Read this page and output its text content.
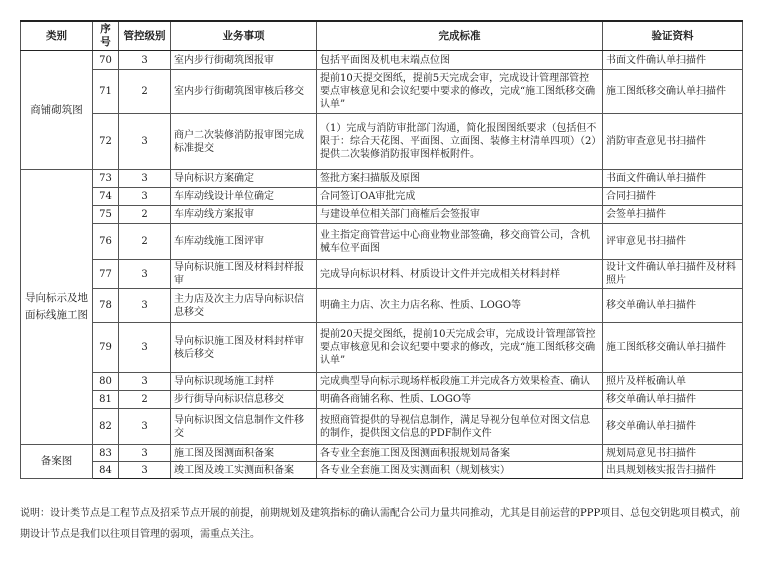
类别	序号	管控级别	业务事项	完成标准	验证资料
商铺砌筑图	70	3	室内步行街砌筑图报审	包括平面图及机电末端点位图	书面文件确认单扫描件
	71	2	室内步行街砌筑图审核后移交	提前10天提交图纸，提前5天完成会审，完成设计管理部管控要点审核意见和会议纪要中要求的修改，完成“施工图纸移交确认单”	施工图纸移交确认单扫描件
	72	3	商户二次装修消防报审图完成标准提交	（1）完成与消防审批部门沟通，简化报图图纸要求（包括但不限于：综合天花图、平面图、立面图、装修主材清单四项）（2）提供二次装修消防报审图样板附件。	消防审查意见书扫描件
导向标示及地面标线施工图	73	3	导向标识方案确定	签批方案扫描版及原图	书面文件确认单扫描件
	74	3	车库动线设计单位确定	合同签订OA审批完成	合同扫描件
	75	2	车库动线方案报审	与建设单位相关部门商榷后会签报审	会签单扫描件
	76	2	车库动线施工图评审	业主指定商管营运中心商业物业部签确，移交商管公司，含机械车位平面图	评审意见书扫描件
	77	3	导向标识施工图及材料封样报审	完成导向标识材料、材质设计文件并完成相关材料封样	设计文件确认单扫描件及材料照片
	78	3	主力店及次主力店导向标识信息移交	明确主力店、次主力店名称、性质、LOGO等	移交单确认单扫描件
	79	3	导向标识施工图及材料封样审核后移交	提前20天提交图纸，提前10天完成会审，完成设计管理部管控要点审核意见和会议纪要中要求的修改，完成“施工图纸移交确认单”	施工图纸移交确认单扫描件
	80	3	导向标识现场施工封样	完成典型导向标示现场样板段施工并完成各方效果检查、确认	照片及样板确认单
	81	2	步行街导向标识信息移交	明确各商铺名称、性质、LOGO等	移交单确认单扫描件
	82	3	导向标识图文信息制作文件移交	按照商管提供的导视信息制作，满足导视分包单位对图文信息的制作，提供图文信息的PDF制作文件	移交单确认单扫描件
备案图	83	3	施工图及图测面积备案	各专业全套施工图及图测面积报规划局备案	规划局意见书扫描件
	84	3	竣工图及竣工实测面积备案	各专业全套施工图及实测面积（规划核实）	出具规划核实报告扫描件
说明：设计类节点是工程节点及招采节点开展的前提，前期规划及建筑指标的确认需配合公司力量共同推动，尤其是目前运营的PPP项目、总包交钥匙项目模式，前期设计节点是我们以往项目管理的弱项，需重点关注。
